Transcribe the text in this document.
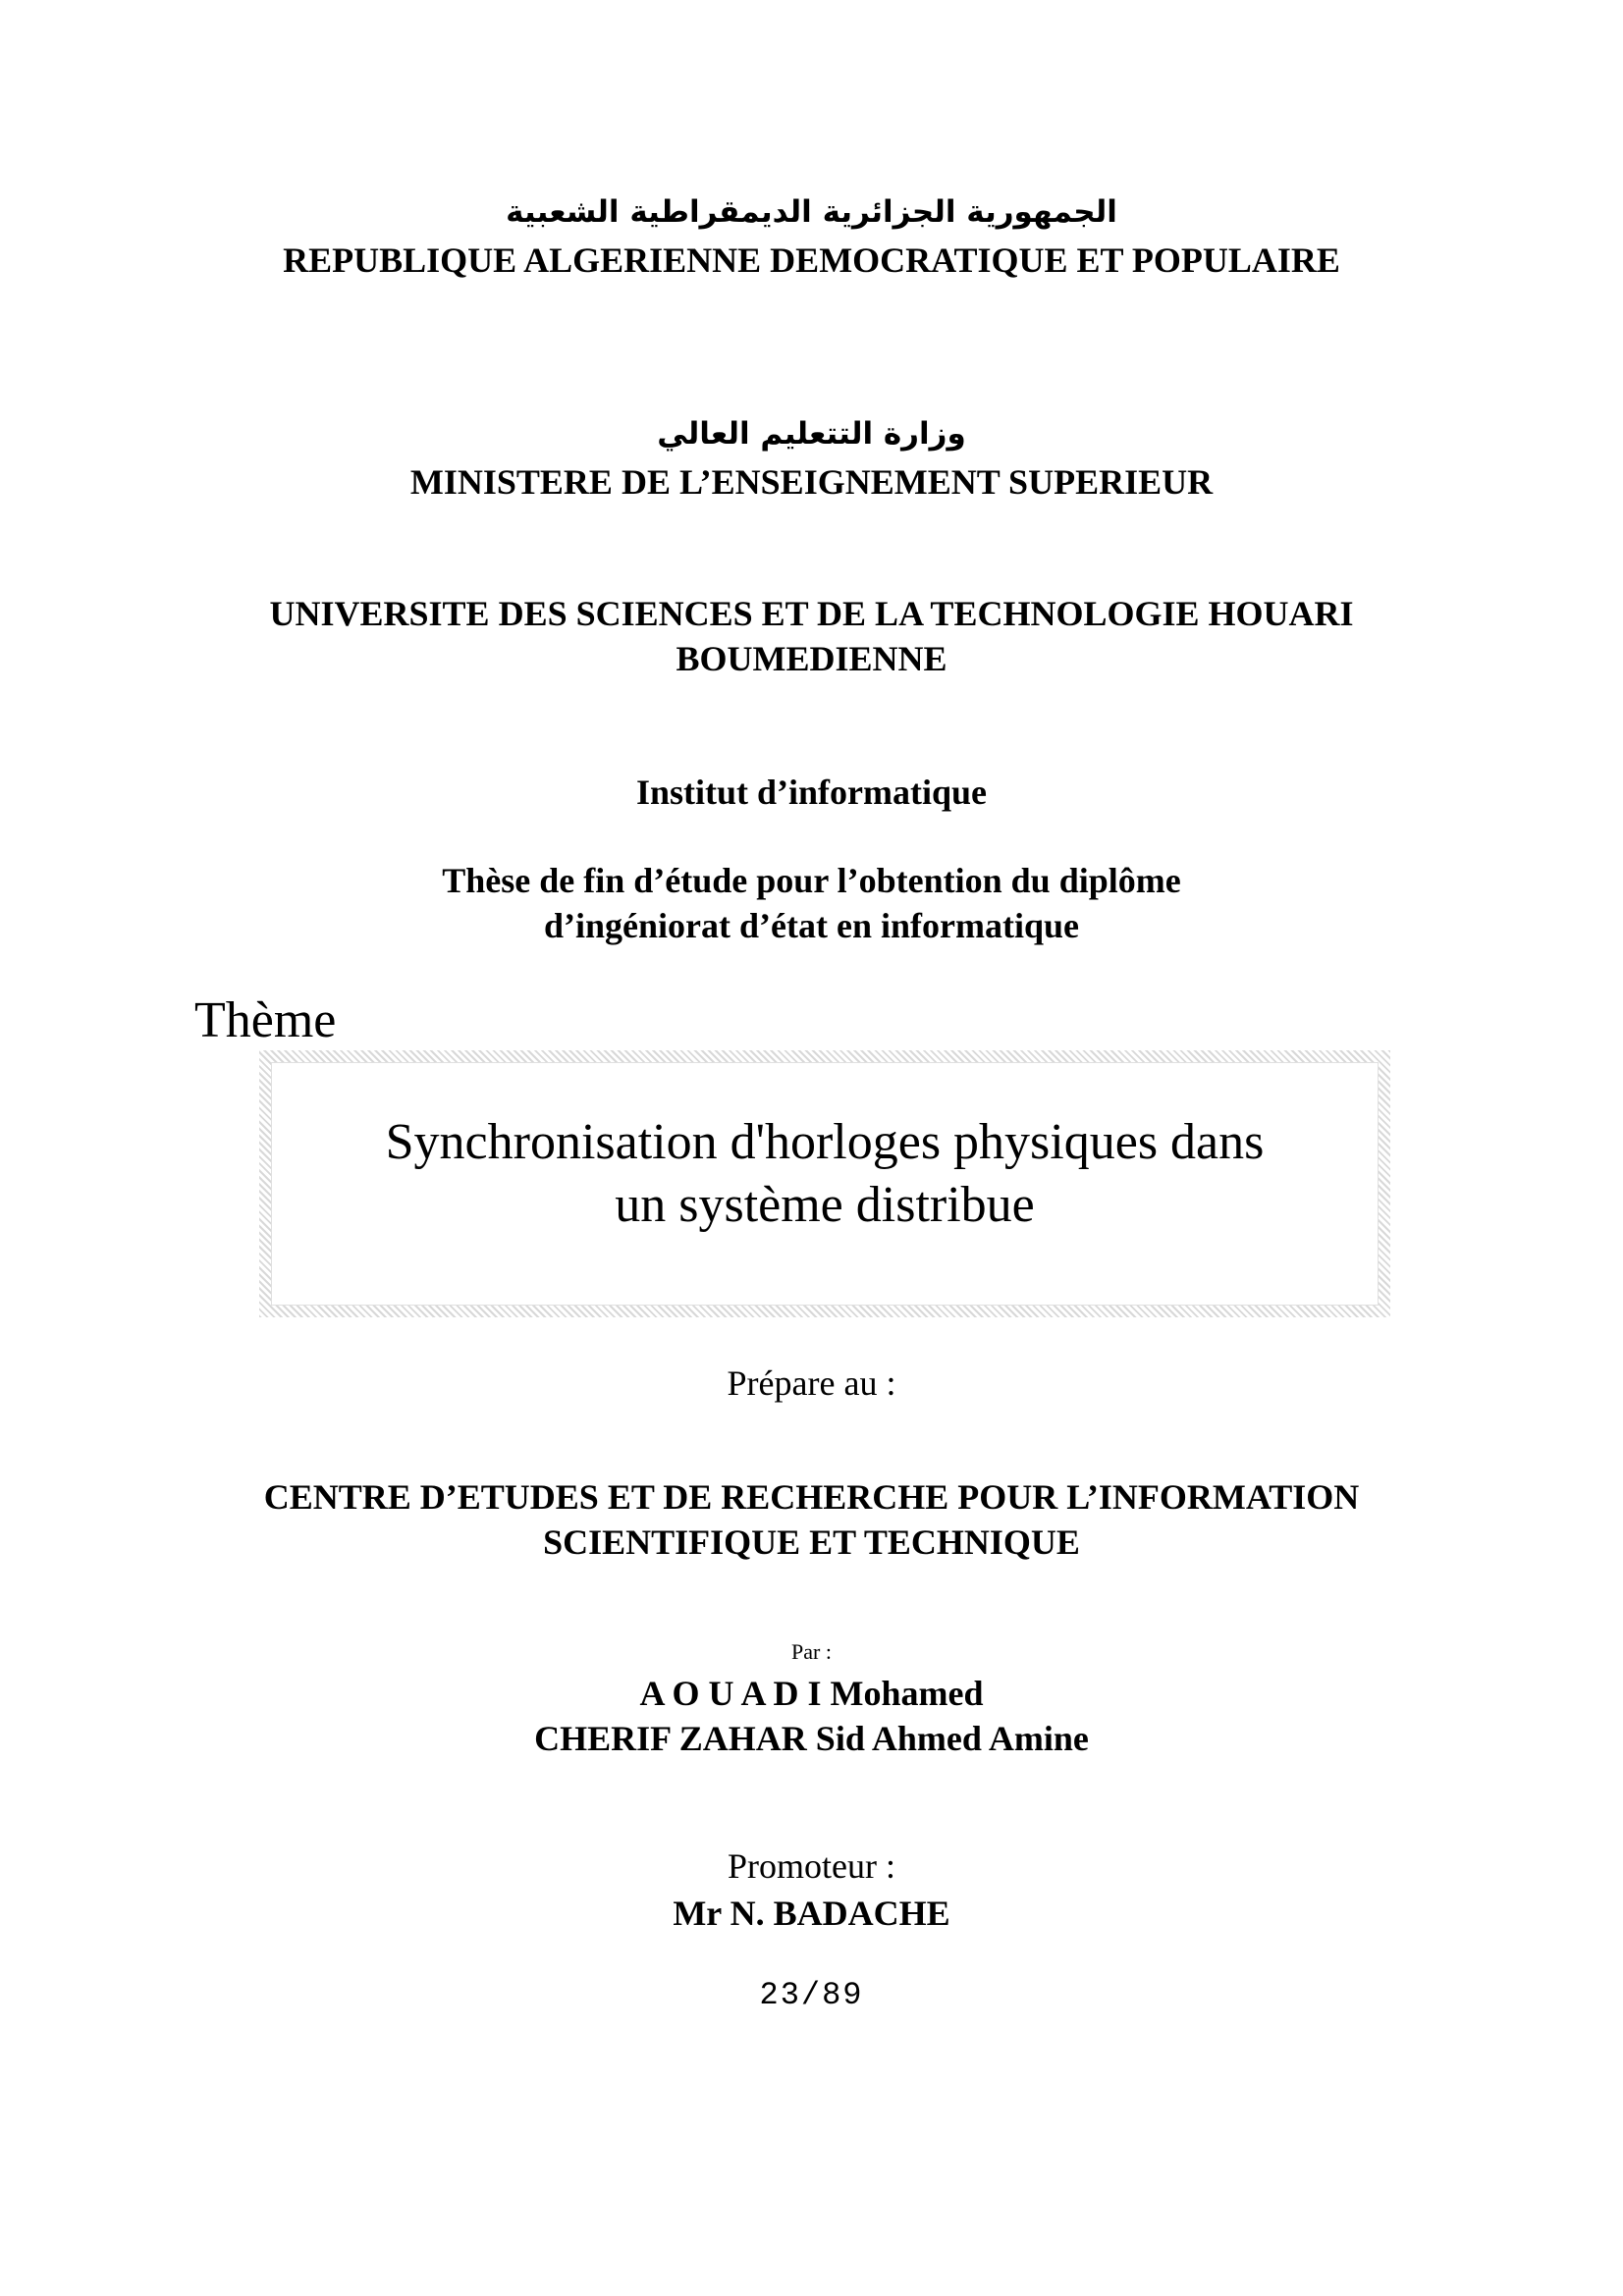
الجمهورية الجزائرية الديمقراطية الشعبية
REPUBLIQUE ALGERIENNE DEMOCRATIQUE ET POPULAIRE
وزارة التتعليم العالي
MINISTERE DE L’ENSEIGNEMENT SUPERIEUR
UNIVERSITE DES SCIENCES ET DE LA TECHNOLOGIE HOUARI
BOUMEDIENNE
Institut d’informatique
Thèse de fin d’étude pour l’obtention du diplôme
d’ingéniorat d’état en informatique
Thème
Synchronisation d'horloges physiques dans
un système distribue
Prépare au :
CENTRE D’ETUDES ET DE RECHERCHE POUR L’INFORMATION
SCIENTIFIQUE ET TECHNIQUE
Par :
A O U A D I Mohamed
CHERIF ZAHAR Sid Ahmed Amine
Promoteur :
Mr N. BADACHE
23/89
